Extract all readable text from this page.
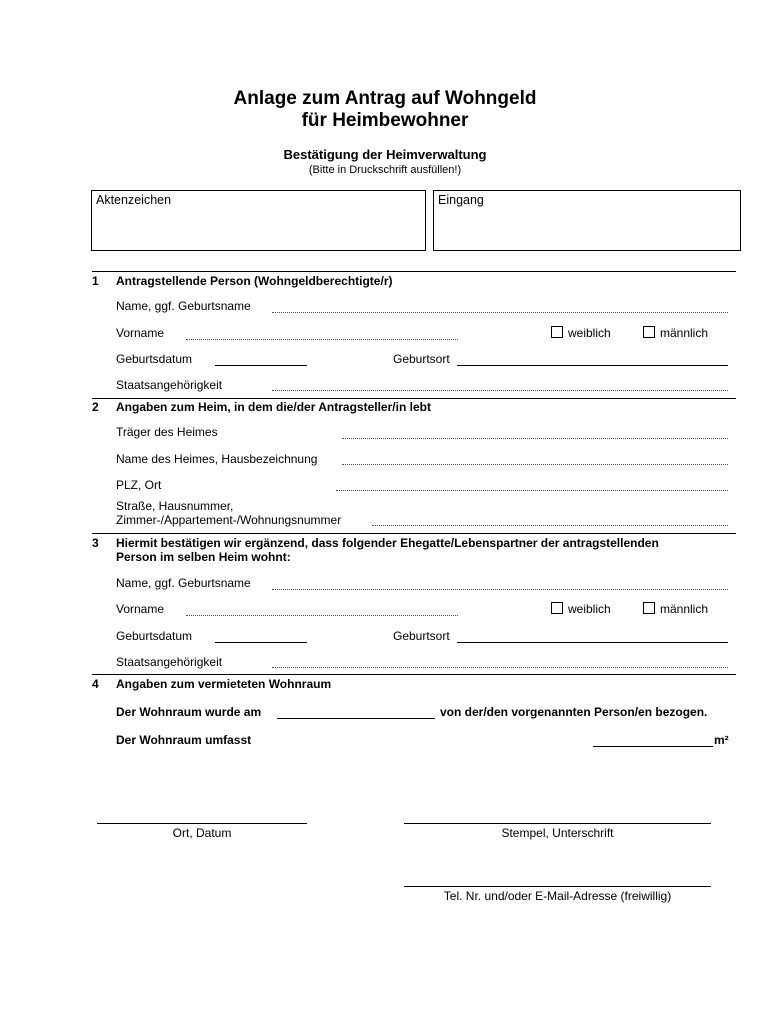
Anlage zum Antrag auf Wohngeld
für Heimbewohner
Bestätigung der Heimverwaltung
(Bitte in Druckschrift ausfüllen!)
Aktenzeichen	Eingang
1 Antragstellende Person (Wohngeldberechtigte/r)
Name, ggf. Geburtsname
Vorname	weiblich	männlich
Geburtsdatum	Geburtsort
Staatsangehörigkeit
2 Angaben zum Heim, in dem die/der Antragsteller/in lebt
Träger des Heimes
Name des Heimes, Hausbezeichnung
PLZ, Ort
Straße, Hausnummer,
Zimmer-/Appartement-/Wohnungsnummer
3 Hiermit bestätigen wir ergänzend, dass folgender Ehegatte/Lebenspartner der antragstellenden
Person im selben Heim wohnt:
Name, ggf. Geburtsname
Vorname	weiblich	männlich
Geburtsdatum	Geburtsort
Staatsangehörigkeit
4 Angaben zum vermieteten Wohnraum
Der Wohnraum wurde am	von der/den vorgenannten Person/en bezogen.
Der Wohnraum umfasst	m²
Ort, Datum	Stempel, Unterschrift
Tel. Nr. und/oder E-Mail-Adresse (freiwillig)
